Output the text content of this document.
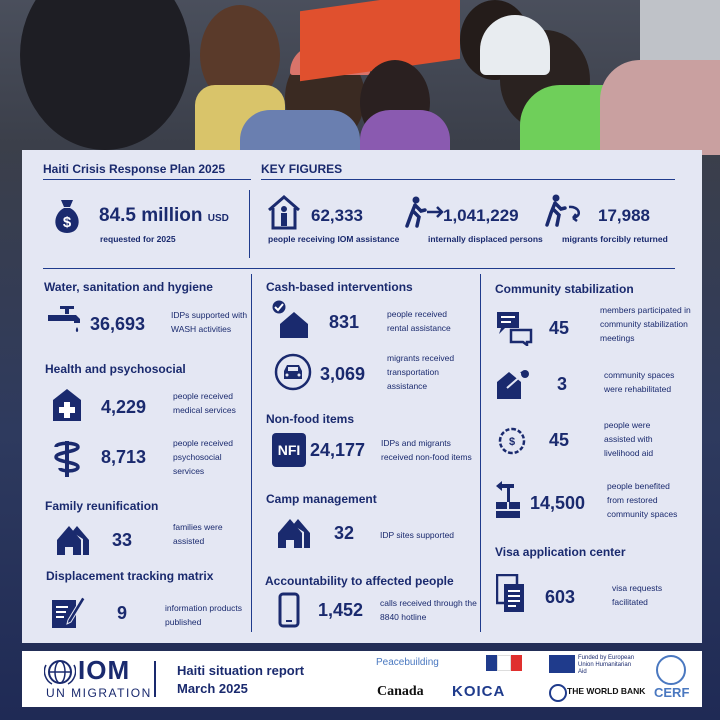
Haiti Crisis Response Plan 2025
$ 84.5 million USD
requested for 2025
KEY FIGURES
62,333
people receiving IOM assistance
1,041,229
internally displaced persons
17,988
migrants forcibly returned
Water, sanitation and hygiene
36,693	IDPs supported with WASH activities
Health and psychosocial
4,229
people received medical services
8,713
people received psychosocial services
Family reunification
33
families were assisted
Displacement tracking matrix
9	information products published
Cash-based interventions
831	people received rental assistance
3,069
migrants received transportation assistance
Non-food items
NFI 24,177 IDPs and migrants received non-food items
Camp management
32	IDP sites supported
Accountability to affected people
1,452 calls received through the 8840 hotline
Community stabilization
45
members participated in community stabilization meetings
3	community spaces were rehabilitated
$ 45
people were assisted with livelihood aid
14,500
people benefited from restored community spaces
Visa application center
603	visa requests facilitated
IOM
UN MIGRATION
Haiti situation report
March 2025
Peacebuilding
Canada KOICA
Funded by European Union Humanitarian Aid
THE WORLD BANK CERF
